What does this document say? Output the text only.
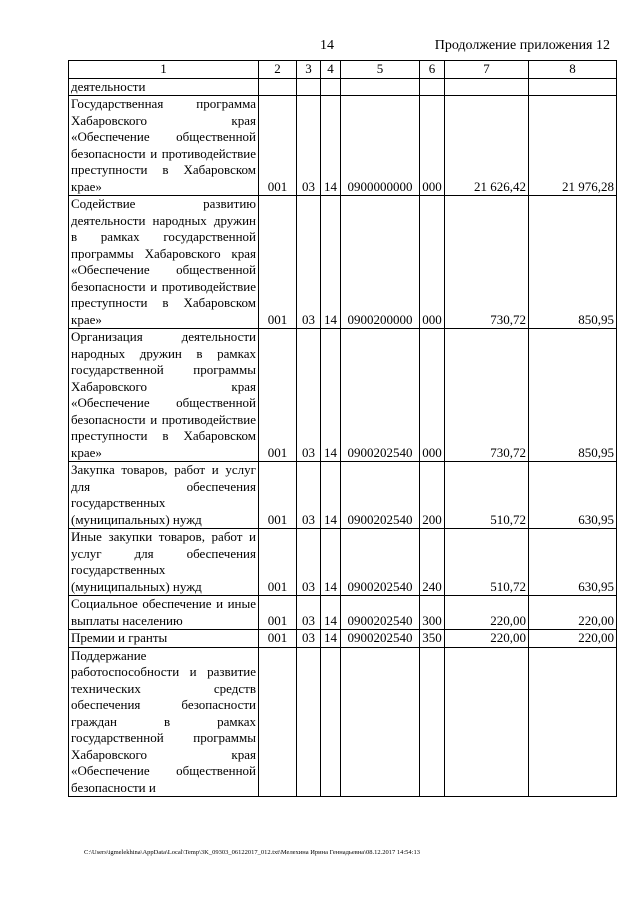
14	Продолжение приложения 12
1	2	3	4	5	6	7	8
деятельности							
Государственная программа Хабаровского края «Обеспечение общественной безопасности и противодействие преступности в Хабаровском крае»	001	03	14	0900000000	000	21 626,42	21 976,28
Содействие развитию деятельности народных дружин в рамках государственной программы Хабаровского края «Обеспечение общественной безопасности и противодействие преступности в Хабаровском крае»	001	03	14	0900200000	000	730,72	850,95
Организация деятельности народных дружин в рамках государственной программы Хабаровского края «Обеспечение общественной безопасности и противодействие преступности в Хабаровском крае»	001	03	14	0900202540	000	730,72	850,95
Закупка товаров, работ и услуг для обеспечения государственных (муниципальных) нужд	001	03	14	0900202540	200	510,72	630,95
Иные закупки товаров, работ и услуг для обеспечения государственных (муниципальных) нужд	001	03	14	0900202540	240	510,72	630,95
Социальное обеспечение и иные выплаты населению	001	03	14	0900202540	300	220,00	220,00
Премии и гранты	001	03	14	0900202540	350	220,00	220,00
Поддержание работоспособности и развитие технических средств обеспечения безопасности граждан в рамках государственной программы Хабаровского края «Обеспечение общественной безопасности и							
C:\Users\igmelekhina\AppData\Local\Temp\3K_09303_06122017_012.txt\Мелехина Ирина Геннадьевна\08.12.2017 14:54:13
